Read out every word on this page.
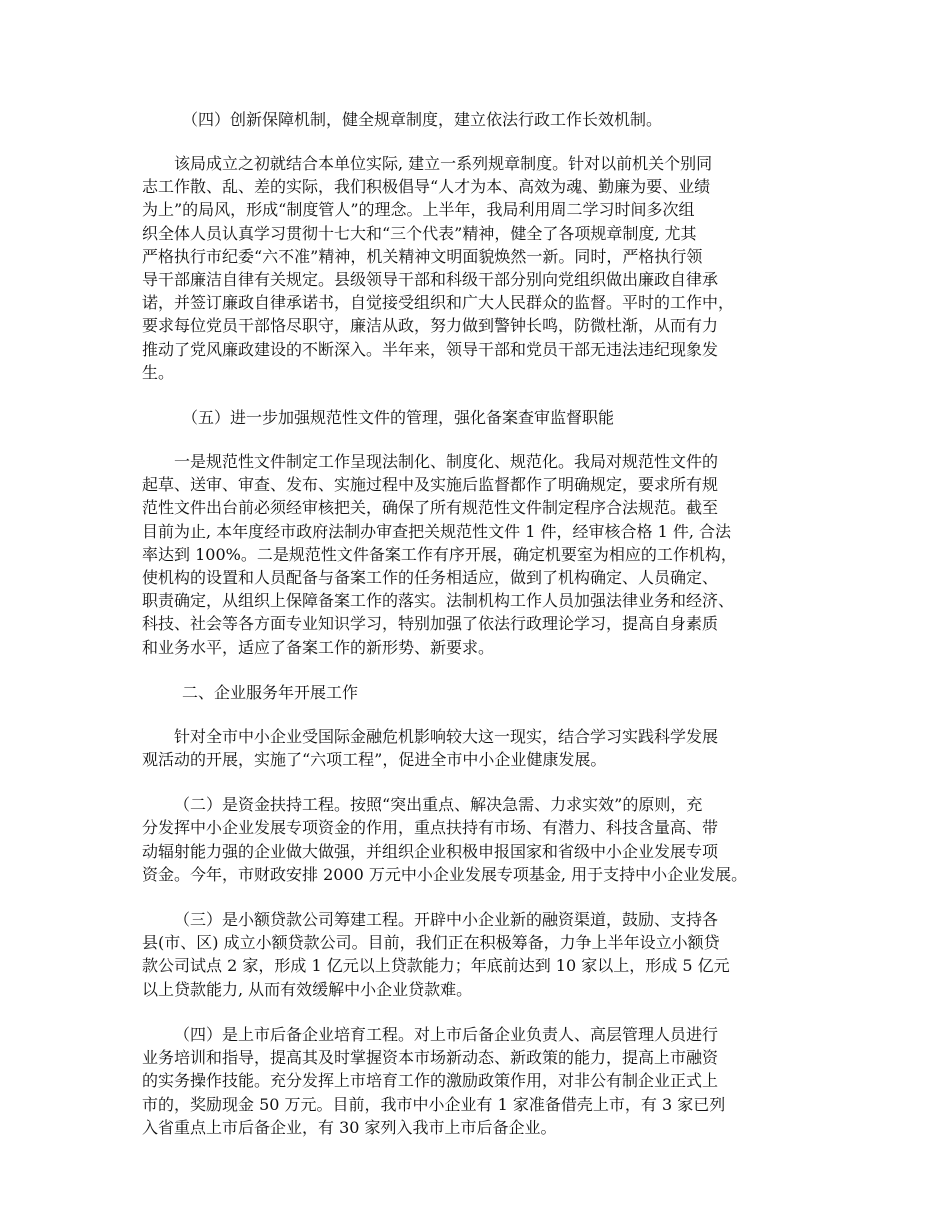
（四）创新保障机制，健全规章制度，建立依法行政工作长效机制。

该局成立之初就结合本单位实际, 建立一系列规章制度。针对以前机关个别同
志工作散、乱、差的实际，我们积极倡导“人才为本、高效为魂、勤廉为要、业绩
为上”的局风，形成“制度管人”的理念。上半年，我局利用周二学习时间多次组
织全体人员认真学习贯彻十七大和“三个代表”精神，健全了各项规章制度, 尤其
严格执行市纪委“六不准”精神，机关精神文明面貌焕然一新。同时，严格执行领
导干部廉洁自律有关规定。县级领导干部和科级干部分别向党组织做出廉政自律承
诺，并签订廉政自律承诺书，自觉接受组织和广大人民群众的监督。平时的工作中，
要求每位党员干部恪尽职守，廉洁从政，努力做到警钟长鸣，防微杜渐，从而有力
推动了党风廉政建设的不断深入。半年来，领导干部和党员干部无违法违纪现象发
生。

（五）进一步加强规范性文件的管理，强化备案查审监督职能

一是规范性文件制定工作呈现法制化、制度化、规范化。我局对规范性文件的
起草、送审、审查、发布、实施过程中及实施后监督都作了明确规定，要求所有规
范性文件出台前必须经审核把关，确保了所有规范性文件制定程序合法规范。截至
目前为止, 本年度经市政府法制办审查把关规范性文件 1 件，经审核合格 1 件, 合法
率达到 100%。二是规范性文件备案工作有序开展，确定机要室为相应的工作机构，
使机构的设置和人员配备与备案工作的任务相适应，做到了机构确定、人员确定、
职责确定，从组织上保障备案工作的落实。法制机构工作人员加强法律业务和经济、
科技、社会等各方面专业知识学习，特别加强了依法行政理论学习，提高自身素质
和业务水平，适应了备案工作的新形势、新要求。

二、企业服务年开展工作

针对全市中小企业受国际金融危机影响较大这一现实，结合学习实践科学发展
观活动的开展，实施了“六项工程”，促进全市中小企业健康发展。
（二）是资金扶持工程。按照“突出重点、解决急需、力求实效”的原则，充
分发挥中小企业发展专项资金的作用，重点扶持有市场、有潜力、科技含量高、带
动辐射能力强的企业做大做强，并组织企业积极申报国家和省级中小企业发展专项
资金。今年，市财政安排 2000 万元中小企业发展专项基金, 用于支持中小企业发展。
（三）是小额贷款公司筹建工程。开辟中小企业新的融资渠道，鼓励、支持各
县(市、区) 成立小额贷款公司。目前，我们正在积极筹备，力争上半年设立小额贷
款公司试点 2 家，形成 1 亿元以上贷款能力；年底前达到 10 家以上，形成 5 亿元
以上贷款能力, 从而有效缓解中小企业贷款难。
（四）是上市后备企业培育工程。对上市后备企业负责人、高层管理人员进行
业务培训和指导，提高其及时掌握资本市场新动态、新政策的能力，提高上市融资
的实务操作技能。充分发挥上市培育工作的激励政策作用，对非公有制企业正式上
市的，奖励现金 50 万元。目前，我市中小企业有 1 家准备借壳上市，有 3 家已列
入省重点上市后备企业，有 30 家列入我市上市后备企业。
